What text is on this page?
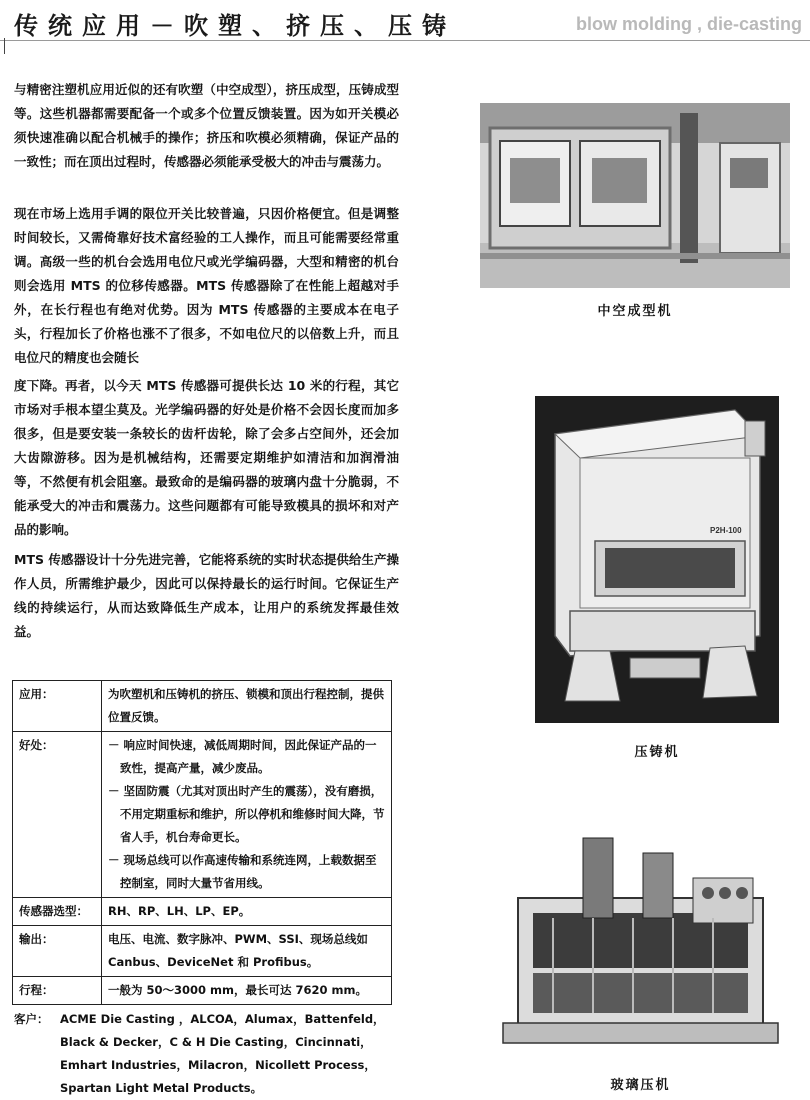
传统应用－吹塑、挤压、压铸	blow molding , die-casting

与精密注塑机应用近似的还有吹塑（中空成型），挤压成型，压铸成型等。这些机器都需要配备一个或多个位置反馈装置。因为如开关模必须快速准确以配合机械手的操作；挤压和吹模必须精确，保证产品的一致性；而在顶出过程时，传感器必须能承受极大的冲击与震荡力。

现在市场上选用手调的限位开关比较普遍，只因价格便宜。但是调整时间较长，又需倚靠好技术富经验的工人操作，而且可能需要经常重调。高级一些的机台会选用电位尺或光学编码器，大型和精密的机台则会选用 MTS 的位移传感器。MTS 传感器除了在性能上超越对手外，在长行程也有绝对优势。因为 MTS 传感器的主要成本在电子头，行程加长了价格也涨不了很多，不如电位尺的以倍数上升，而且电位尺的精度也会随长

度下降。再者，以今天 MTS 传感器可提供长达 10 米的行程，其它市场对手根本望尘莫及。光学编码器的好处是价格不会因长度而加多很多，但是要安装一条较长的齿杆齿轮，除了会多占空间外，还会加大齿隙游移。因为是机械结构，还需要定期维护如清洁和加润滑油等，不然便有机会阻塞。最致命的是编码器的玻璃内盘十分脆弱，不能承受大的冲击和震荡力。这些问题都有可能导致模具的损坏和对产品的影响。

MTS 传感器设计十分先进完善，它能将系统的实时状态提供给生产操作人员，所需维护最少，因此可以保持最长的运行时间。它保证生产线的持续运行，从而达致降低生产成本，让用户的系统发挥最佳效益。

应用：	为吹塑机和压铸机的挤压、锁模和顶出行程控制，提供位置反馈。
好处：	－ 响应时间快速，减低周期时间，因此保证产品的一致性，提高产量，减少废品。
－ 坚固防震（尤其对顶出时产生的震荡），没有磨损，不用定期重标和维护，所以停机和维修时间大降，节省人手，机台寿命更长。
－ 现场总线可以作高速传输和系统连网，上载数据至控制室，同时大量节省用线。

传感器选型：	RH、RP、LH、LP、EP。
输出：	电压、电流、数字脉冲、PWM、SSI、现场总线如 Canbus、DeviceNet 和 Profibus。
行程：	一般为 50～3000 mm，最长可达 7620 mm。
客户： ACME Die Casting ，ALCOA，Alumax，Battenfeld，Black & Decker，C & H Die Casting，Cincinnati，Emhart Industries，Milacron，Nicollett Process，Spartan Light Metal Products。
中空成型机
P2H-100
压铸机
玻璃压机
